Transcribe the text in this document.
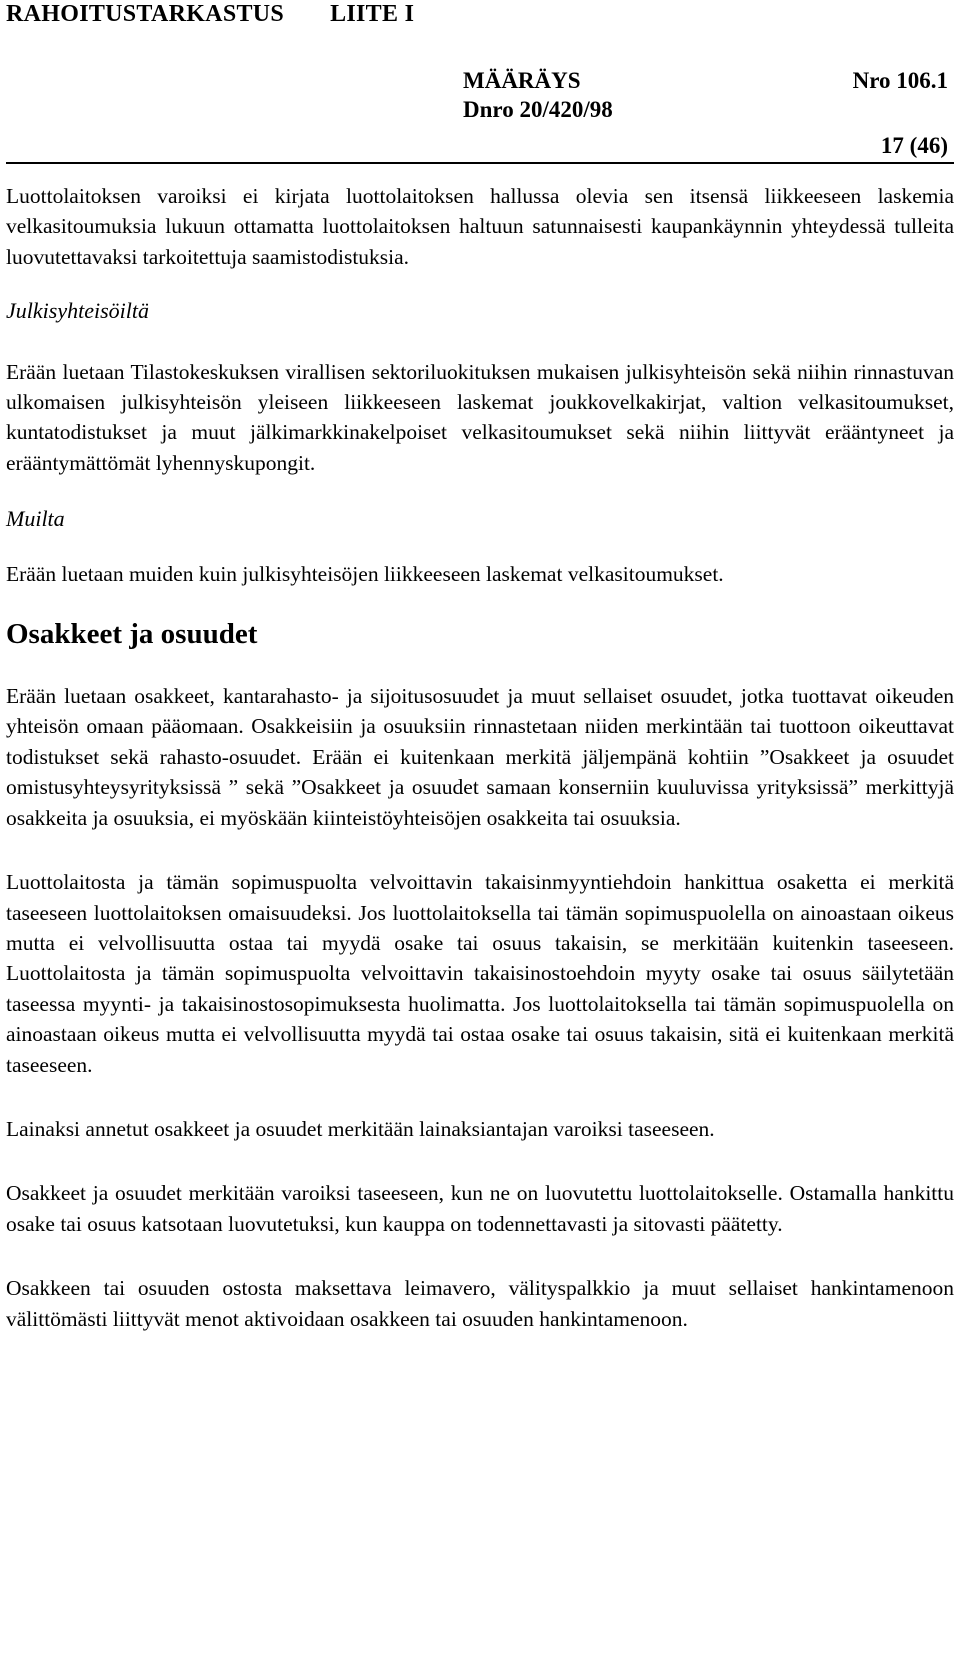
RAHOITUSTARKASTUS LIITE I
MÄÄRÄYS	Nro 106.1
Dnro 20/420/98
17 (46)

Luottolaitoksen varoiksi ei kirjata luottolaitoksen hallussa olevia sen itsensä liikkeeseen laskemia velkasitoumuksia lukuun ottamatta luottolaitoksen haltuun satunnaisesti kaupankäynnin yhteydessä tulleita luovutettavaksi tarkoitettuja saamistodistuksia.

Julkisyhteisöiltä

Erään luetaan Tilastokeskuksen virallisen sektoriluokituksen mukaisen julkisyhteisön sekä niihin rinnastuvan ulkomaisen julkisyhteisön yleiseen liikkeeseen laskemat joukkovelkakirjat, valtion velkasitoumukset, kuntatodistukset ja muut jälkimarkkinakelpoiset velkasitoumukset sekä niihin liittyvät erääntyneet ja erääntymättömät lyhennyskupongit.

Muilta

Erään luetaan muiden kuin julkisyhteisöjen liikkeeseen laskemat velkasitoumukset.

Osakkeet ja osuudet

Erään luetaan osakkeet, kantarahasto- ja sijoitusosuudet ja muut sellaiset osuudet, jotka tuottavat oikeuden yhteisön omaan pääomaan. Osakkeisiin ja osuuksiin rinnastetaan niiden merkintään tai tuottoon oikeuttavat todistukset sekä rahasto-osuudet. Erään ei kuitenkaan merkitä jäljempänä kohtiin ”Osakkeet ja osuudet omistusyhteysyrityksissä ” sekä ”Osakkeet ja osuudet samaan konserniin kuuluvissa yrityksissä” merkittyjä osakkeita ja osuuksia, ei myöskään kiinteistöyhteisöjen osakkeita tai osuuksia.

Luottolaitosta ja tämän sopimuspuolta velvoittavin takaisinmyyntiehdoin hankittua osaketta ei merkitä taseeseen luottolaitoksen omaisuudeksi. Jos luottolaitoksella tai tämän sopimuspuolella on ainoastaan oikeus mutta ei velvollisuutta ostaa tai myydä osake tai osuus takaisin, se merkitään kuitenkin taseeseen. Luottolaitosta ja tämän sopimuspuolta velvoittavin takaisinostoehdoin myyty osake tai osuus säilytetään taseessa myynti- ja takaisinostosopimuksesta huolimatta. Jos luottolaitoksella tai tämän sopimuspuolella on ainoastaan oikeus mutta ei velvollisuutta myydä tai ostaa osake tai osuus takaisin, sitä ei kuitenkaan merkitä taseeseen.

Lainaksi annetut osakkeet ja osuudet merkitään lainaksiantajan varoiksi taseeseen.

Osakkeet ja osuudet merkitään varoiksi taseeseen, kun ne on luovutettu luottolaitokselle. Ostamalla hankittu osake tai osuus katsotaan luovutetuksi, kun kauppa on todennettavasti ja sitovasti päätetty.

Osakkeen tai osuuden ostosta maksettava leimavero, välityspalkkio ja muut sellaiset hankintamenoon välittömästi liittyvät menot aktivoidaan osakkeen tai osuuden hankintamenoon.
